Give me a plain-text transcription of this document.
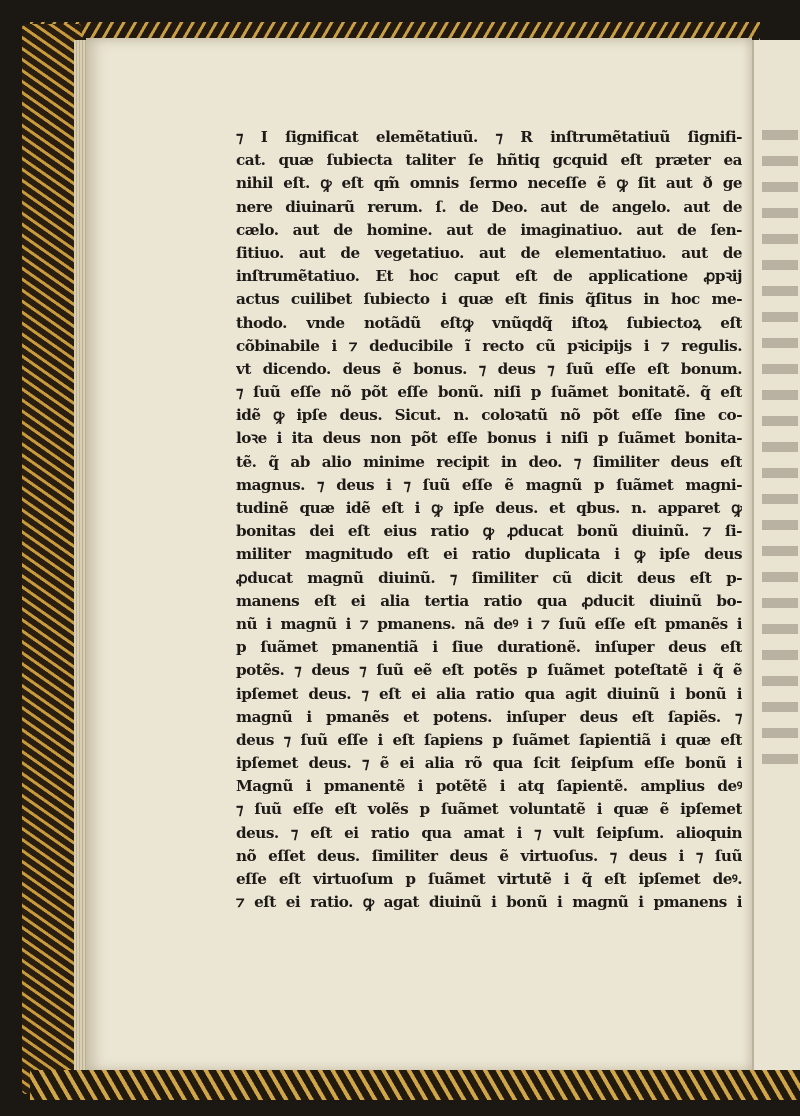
⁊ I ſignificat elemẽtatiuũ. ⁊ R inſtrumẽtatiuũ ſignifi-
cat. quæ ſubiecta taliter ſe hñtiq gcquid eſt præter ea
nihil eſt. ꝙ eſt qm̃ omnis ſermo neceſſe ẽ ꝙ ſit aut ð ge
nere diuinarũ rerum. ſ. de Deo. aut de angelo. aut de
cælo. aut de homine. aut de imaginatiuo. aut de ſen-
ſitiuo. aut de vegetatiuo. aut de elementatiuo. aut de
inſtrumẽtatiuo. Et hoc caput eſt de applicatione ꝓpꝛij
actus cuilibet ſubiecto i quæ eſt finis q̃ſitus in hoc me-
thodo. vnde notãdũ eſtꝙ vnũqdq̃ iſtoꝝ ſubiectoꝝ eſt
cõbinabile i ⁊ deducibile ĩ recto cũ pꝛicipijs i ⁊ regulis.
vt dicendo. deus ẽ bonus. ⁊ deus ⁊ ſuũ eſſe eſt bonum.
⁊ ſuũ eſſe nõ põt eſſe bonũ. niſi p ſuãmet bonitatẽ. q̃ eſt
idẽ ꝙ ipſe deus. Sicut. n. coloꝛatũ nõ põt eſſe ſine co-
loꝛe i ita deus non põt eſſe bonus i niſi p ſuãmet bonita-
tẽ. q̃ ab alio minime recipit in deo. ⁊ ſimiliter deus eſt
magnus. ⁊ deus i ⁊ ſuũ eſſe ẽ magnũ p ſuãmet magni-
tudinẽ quæ idẽ eſt i ꝙ ipſe deus. et qbus. n. apparet ꝙ
bonitas dei eſt eius ratio ꝙ ꝓducat bonũ diuinũ. ⁊ ſi-
militer magnitudo eſt ei ratio duplicata i ꝙ ipſe deus
ꝓducat magnũ diuinũ. ⁊ ſimiliter cũ dicit deus eſt p-
manens eſt ei alia tertia ratio qua ꝓducit diuinũ bo-
nũ i magnũ i ⁊ pmanens. nã deꝰ i ⁊ ſuũ eſſe eſt pmanẽs i
p ſuãmet pmanentiã i ſiue durationẽ. inſuper deus eſt
potẽs. ⁊ deus ⁊ ſuũ eẽ eſt potẽs p ſuãmet poteſtatẽ i q̃ ẽ
ipſemet deus. ⁊ eſt ei alia ratio qua agit diuinũ i bonũ i
magnũ i pmanẽs et potens. inſuper deus eſt ſapiẽs. ⁊
deus ⁊ ſuũ eſſe i eſt ſapiens p ſuãmet ſapientiã i quæ eſt
ipſemet deus. ⁊ ẽ ei alia rõ qua ſcit ſeipſum eſſe bonũ i
Magnũ i pmanentẽ i potẽtẽ i atq ſapientẽ. amplius deꝰ
⁊ ſuũ eſſe eſt volẽs p ſuãmet voluntatẽ i quæ ẽ ipſemet
deus. ⁊ eſt ei ratio qua amat i ⁊ vult ſeipſum. alioquin
nõ eſſet deus. ſimiliter deus ẽ virtuoſus. ⁊ deus i ⁊ ſuũ
eſſe eſt virtuoſum p ſuãmet virtutẽ i q̃ eſt ipſemet deꝰ.
⁊ eſt ei ratio. ꝙ agat diuinũ i bonũ i magnũ i pmanens i
